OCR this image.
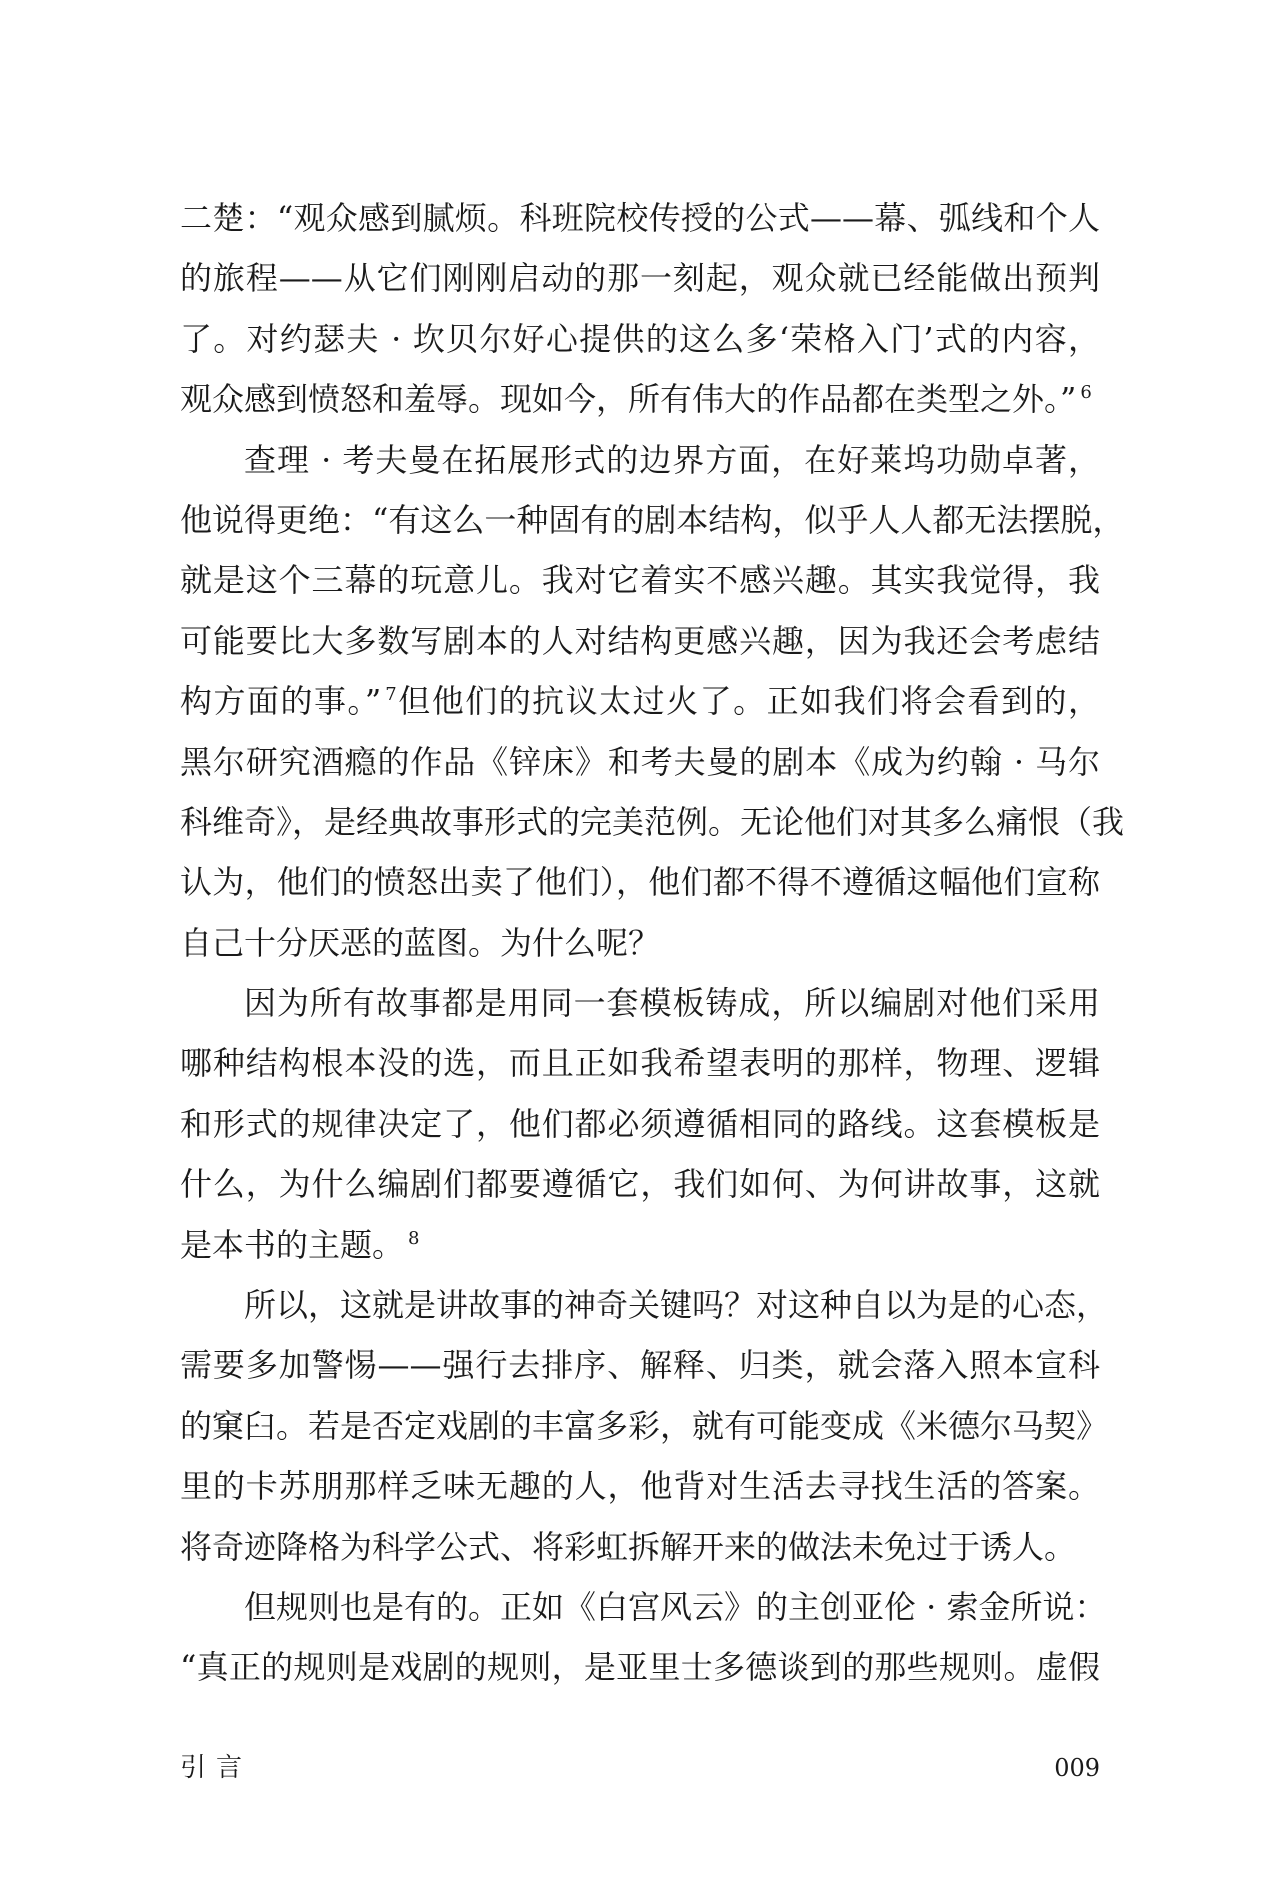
二楚：“观众感到腻烦。科班院校传授的公式——幕、弧线和个人
的旅程——从它们刚刚启动的那一刻起，观众就已经能做出预判
了。对约瑟夫 · 坎贝尔好心提供的这么多‘荣格入门’式的内容，
观众感到愤怒和羞辱。现如今，所有伟大的作品都在类型之外。” $^6$
查理 · 考夫曼在拓展形式的边界方面，在好莱坞功勋卓著，
他说得更绝：“有这么一种固有的剧本结构，似乎人人都无法摆脱，
就是这个三幕的玩意儿。我对它着实不感兴趣。其实我觉得，我
可能要比大多数写剧本的人对结构更感兴趣，因为我还会考虑结
构方面的事。” $^7$但他们的抗议太过火了。正如我们将会看到的，
黑尔研究酒瘾的作品《锌床》和考夫曼的剧本《成为约翰 · 马尔
科维奇》，是经典故事形式的完美范例。无论他们对其多么痛恨（我
认为，他们的愤怒出卖了他们），他们都不得不遵循这幅他们宣称
自己十分厌恶的蓝图。为什么呢？
因为所有故事都是用同一套模板铸成，所以编剧对他们采用
哪种结构根本没的选，而且正如我希望表明的那样，物理、逻辑
和形式的规律决定了，他们都必须遵循相同的路线。这套模板是
什么，为什么编剧们都要遵循它，我们如何、为何讲故事，这就
是本书的主题。 $^8$
所以，这就是讲故事的神奇关键吗？对这种自以为是的心态，
需要多加警惕——强行去排序、解释、归类，就会落入照本宣科
的窠臼。若是否定戏剧的丰富多彩，就有可能变成《米德尔马契》
里的卡苏朋那样乏味无趣的人，他背对生活去寻找生活的答案。
将奇迹降格为科学公式、将彩虹拆解开来的做法未免过于诱人。
但规则也是有的。正如《白宫风云》的主创亚伦 · 索金所说：
“真正的规则是戏剧的规则，是亚里士多德谈到的那些规则。虚假
引言	009
